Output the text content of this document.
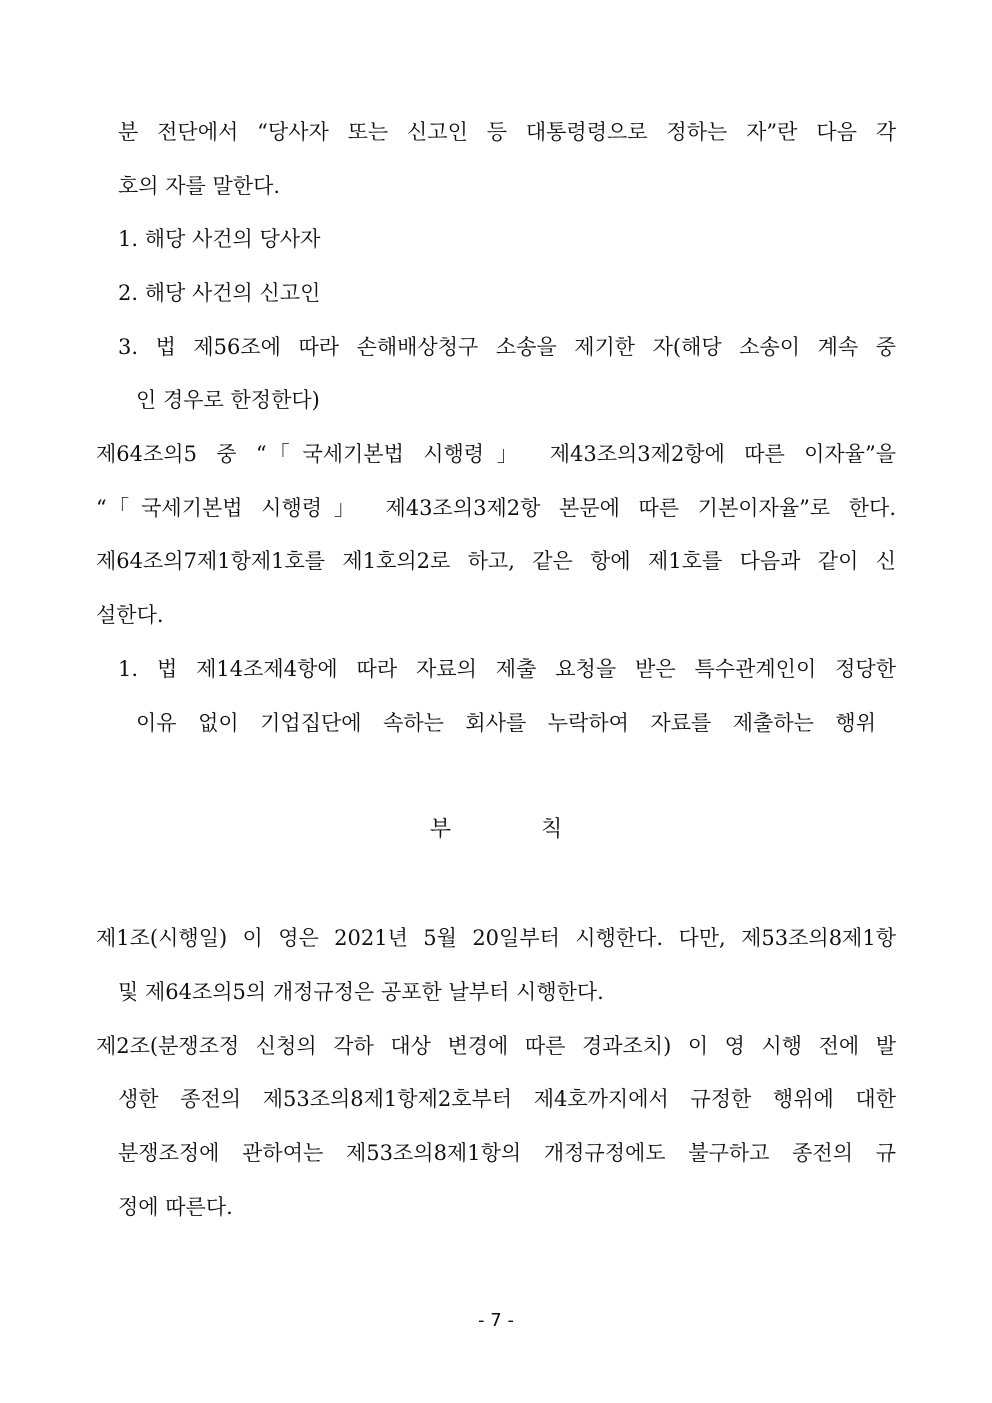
분 전단에서 “당사자 또는 신고인 등 대통령령으로 정하는 자”란 다음 각
호의 자를 말한다.
1. 해당 사건의 당사자
2. 해당 사건의 신고인
3. 법 제56조에 따라 손해배상청구 소송을 제기한 자(해당 소송이 계속 중
인 경우로 한정한다)
제64조의5 중 “「국세기본법 시행령」 제43조의3제2항에 따른 이자율”을
“「국세기본법 시행령」 제43조의3제2항 본문에 따른 기본이자율”로 한다.
제64조의7제1항제1호를 제1호의2로 하고, 같은 항에 제1호를 다음과 같이 신
설한다.
1. 법 제14조제4항에 따라 자료의 제출 요청을 받은 특수관계인이 정당한
이유 없이 기업집단에 속하는 회사를 누락하여 자료를 제출하는 행위
부칙
제1조(시행일) 이 영은 2021년 5월 20일부터 시행한다. 다만, 제53조의8제1항
및 제64조의5의 개정규정은 공포한 날부터 시행한다.
제2조(분쟁조정 신청의 각하 대상 변경에 따른 경과조치) 이 영 시행 전에 발
생한 종전의 제53조의8제1항제2호부터 제4호까지에서 규정한 행위에 대한
분쟁조정에 관하여는 제53조의8제1항의 개정규정에도 불구하고 종전의 규
정에 따른다.
- 7 -
